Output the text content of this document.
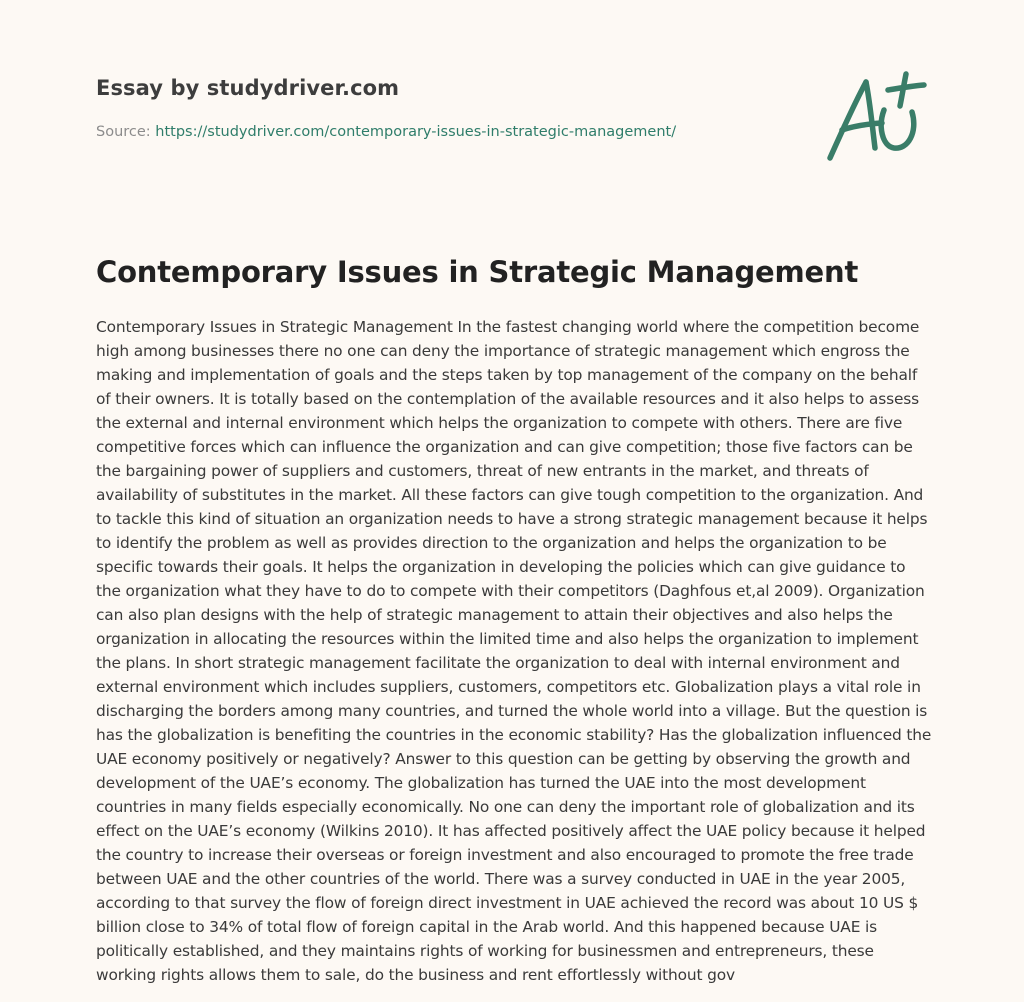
Essay by studydriver.com
Source: https://studydriver.com/contemporary-issues-in-strategic-management/
Contemporary Issues in Strategic Management

Contemporary Issues in Strategic Management In the fastest changing world where the competition become high among businesses there no one can deny the importance of strategic management which engross the making and implementation of goals and the steps taken by top management of the company on the behalf of their owners. It is totally based on the contemplation of the available resources and it also helps to assess the external and internal environment which helps the organization to compete with others. There are five competitive forces which can influence the organization and can give competition; those five factors can be the bargaining power of suppliers and customers, threat of new entrants in the market, and threats of availability of substitutes in the market. All these factors can give tough competition to the organization. And to tackle this kind of situation an organization needs to have a strong strategic management because it helps to identify the problem as well as provides direction to the organization and helps the organization to be specific towards their goals. It helps the organization in developing the policies which can give guidance to the organization what they have to do to compete with their competitors (Daghfous et,al 2009). Organization can also plan designs with the help of strategic management to attain their objectives and also helps the organization in allocating the resources within the limited time and also helps the organization to implement the plans. In short strategic management facilitate the organization to deal with internal environment and external environment which includes suppliers, customers, competitors etc. Globalization plays a vital role in discharging the borders among many countries, and turned the whole world into a village. But the question is has the globalization is benefiting the countries in the economic stability? Has the globalization influenced the UAE economy positively or negatively? Answer to this question can be getting by observing the growth and development of the UAE’s economy. The globalization has turned the UAE into the most development countries in many fields especially economically. No one can deny the important role of globalization and its effect on the UAE’s economy (Wilkins 2010). It has affected positively affect the UAE policy because it helped the country to increase their overseas or foreign investment and also encouraged to promote the free trade between UAE and the other countries of the world. There was a survey conducted in UAE in the year 2005, according to that survey the flow of foreign direct investment in UAE achieved the record was about 10 US $ billion close to 34% of total flow of foreign capital in the Arab world. And this happened because UAE is politically established, and they maintains rights of working for businessmen and entrepreneurs, these working rights allows them to sale, do the business and rent effortlessly without gov
